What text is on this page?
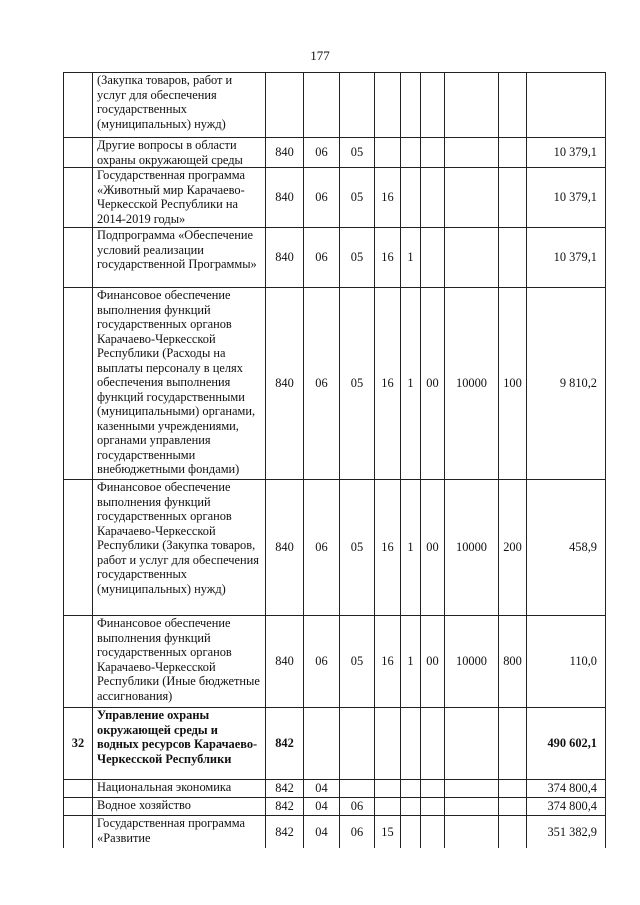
177
	(Закупка товаров, работ и услуг для обеспечения государственных (муниципальных) нужд)									
	Другие вопросы в области охраны окружающей среды	840	06	05						10 379,1
	Государственная программа «Животный мир Карачаево-Черкесской Республики на 2014-2019 годы»	840	06	05	16					10 379,1
	Подпрограмма «Обеспечение условий реализации государственной Программы»	840	06	05	16	1				10 379,1
	Финансовое обеспечение выполнения функций государственных органов Карачаево-Черкесской Республики (Расходы на выплаты персоналу в целях обеспечения выполнения функций государственными (муниципальными) органами, казенными учреждениями, органами управления государственными внебюджетными фондами)	840	06	05	16	1	00	10000	100	9 810,2
	Финансовое обеспечение выполнения функций государственных органов Карачаево-Черкесской Республики (Закупка товаров, работ и услуг для обеспечения государственных (муниципальных) нужд)	840	06	05	16	1	00	10000	200	458,9
	Финансовое обеспечение выполнения функций государственных органов Карачаево-Черкесской Республики (Иные бюджетные ассигнования)	840	06	05	16	1	00	10000	800	110,0
32	Управление охраны окружающей среды и водных ресурсов Карачаево-Черкесской Республики	842								490 602,1
	Национальная экономика	842	04							374 800,4
	Водное хозяйство	842	04	06						374 800,4
	Государственная программа «Развитие	842	04	06	15					351 382,9
